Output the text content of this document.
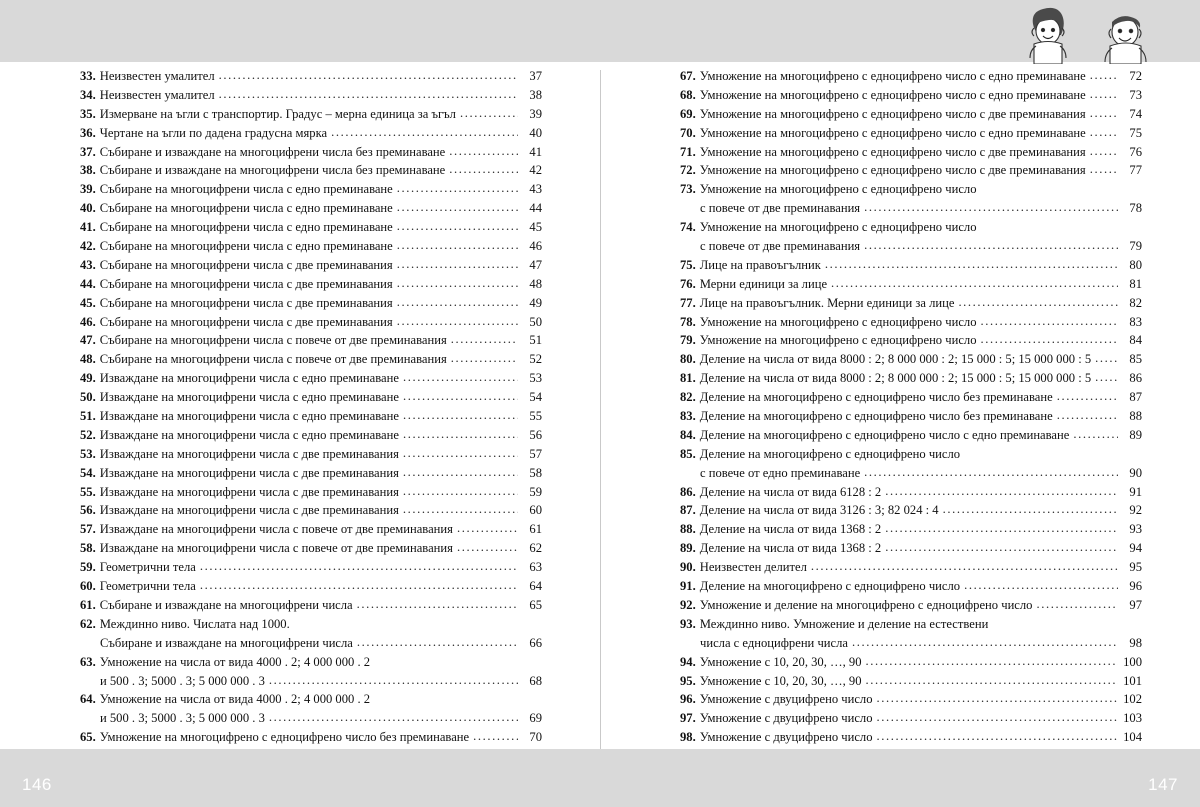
33. Неизвестен умалител .....	37
34. Неизвестен умалител .....	38
35. Измерване на ъгли с транспортир. Градус – мерна единица за ъгъл .....	39
36. Чертане на ъгли по дадена градусна мярка .....	40
37. Събиране и изваждане на многоцифрени числа без преминаване .....	41
38. Събиране и изваждане на многоцифрени числа без преминаване .....	42
39. Събиране на многоцифрени числа с едно преминаване .....	43
40. Събиране на многоцифрени числа с едно преминаване .....	44
41. Събиране на многоцифрени числа с едно преминаване .....	45
42. Събиране на многоцифрени числа с едно преминаване .....	46
43. Събиране на многоцифрени числа с две преминавания .....	47
44. Събиране на многоцифрени числа с две преминавания .....	48
45. Събиране на многоцифрени числа с две преминавания .....	49
46. Събиране на многоцифрени числа с две преминавания .....	50
47. Събиране на многоцифрени числа с повече от две преминавания .....	51
48. Събиране на многоцифрени числа с повече от две преминавания .....	52
49. Изваждане на многоцифрени числа с едно преминаване .....	53
50. Изваждане на многоцифрени числа с едно преминаване .....	54
51. Изваждане на многоцифрени числа с едно преминаване .....	55
52. Изваждане на многоцифрени числа с едно преминаване .....	56
53. Изваждане на многоцифрени числа с две преминавания .....	57
54. Изваждане на многоцифрени числа с две преминавания .....	58
55. Изваждане на многоцифрени числа с две преминавания .....	59
56. Изваждане на многоцифрени числа с две преминавания .....	60
57. Изваждане на многоцифрени числа с повече от две преминавания .....	61
58. Изваждане на многоцифрени числа с повече от две преминавания .....	62
59. Геометрични тела .....	63
60. Геометрични тела .....	64
61. Събиране и изваждане на многоцифрени числа .....	65
62. Междинно ниво. Числата над 1000.
Събиране и изваждане на многоцифрени числа .....	66
63. Умножение на числа от вида 4000 . 2; 4 000 000 . 2
и 500 . 3; 5000 . 3; 5 000 000 . 3 .....	68
64. Умножение на числа от вида 4000 . 2; 4 000 000 . 2
и 500 . 3; 5000 . 3; 5 000 000 . 3 .....	69
65. Умножение на многоцифрено с едноцифрено число без преминаване .....	70
.....
67. Умножение на многоцифрено с едноцифрено число с едно преминаване .....	72
68. Умножение на многоцифрено с едноцифрено число с едно преминаване .....	73
69. Умножение на многоцифрено с едноцифрено число с две преминавания .....	74
70. Умножение на многоцифрено с едноцифрено число с едно преминаване .....	75
71. Умножение на многоцифрено с едноцифрено число с две преминавания .....	76
72. Умножение на многоцифрено с едноцифрено число с две преминавания .....	77
73. Умножение на многоцифрено с едноцифрено число
с повече от две преминавания .....	78
74. Умножение на многоцифрено с едноцифрено число
с повече от две преминавания .....	79
75. Лице на правоъгълник .....	80
76. Мерни единици за лице .....	81
77. Лице на правоъгълник. Мерни единици за лице .....	82
78. Умножение на многоцифрено с едноцифрено число .....	83
79. Умножение на многоцифрено с едноцифрено число .....	84
80. Деление на числа от вида 8000 : 2; 8 000 000 : 2; 15 000 : 5; 15 000 000 : 5 .....	85
81. Деление на числа от вида 8000 : 2; 8 000 000 : 2; 15 000 : 5; 15 000 000 : 5 .....	86
82. Деление на многоцифрено с едноцифрено число без преминаване .....	87
83. Деление на многоцифрено с едноцифрено число без преминаване .....	88
84. Деление на многоцифрено с едноцифрено число с едно преминаване .....	89
85. Деление на многоцифрено с едноцифрено число
с повече от едно преминаване .....	90
86. Деление на числа от вида 6128 : 2 .....	91
87. Деление на числа от вида 3126 : 3; 82 024 : 4 .....	92
88. Деление на числа от вида 1368 : 2 .....	93
89. Деление на числа от вида 1368 : 2 .....	94
90. Неизвестен делител .....	95
91. Деление на многоцифрено с едноцифрено число .....	96
92. Умножение и деление на многоцифрено с едноцифрено число .....	97
93. Междинно ниво. Умножение и деление на естествени
числа с едноцифрени числа .....	98
94. Умножение с 10, 20, 30, …, 90 .....	100
95. Умножение с 10, 20, 30, …, 90 .....	101
96. Умножение с двуцифрено число .....	102
97. Умножение с двуцифрено число .....	103
98. Умножение с двуцифрено число .....	104
.....
146	147
